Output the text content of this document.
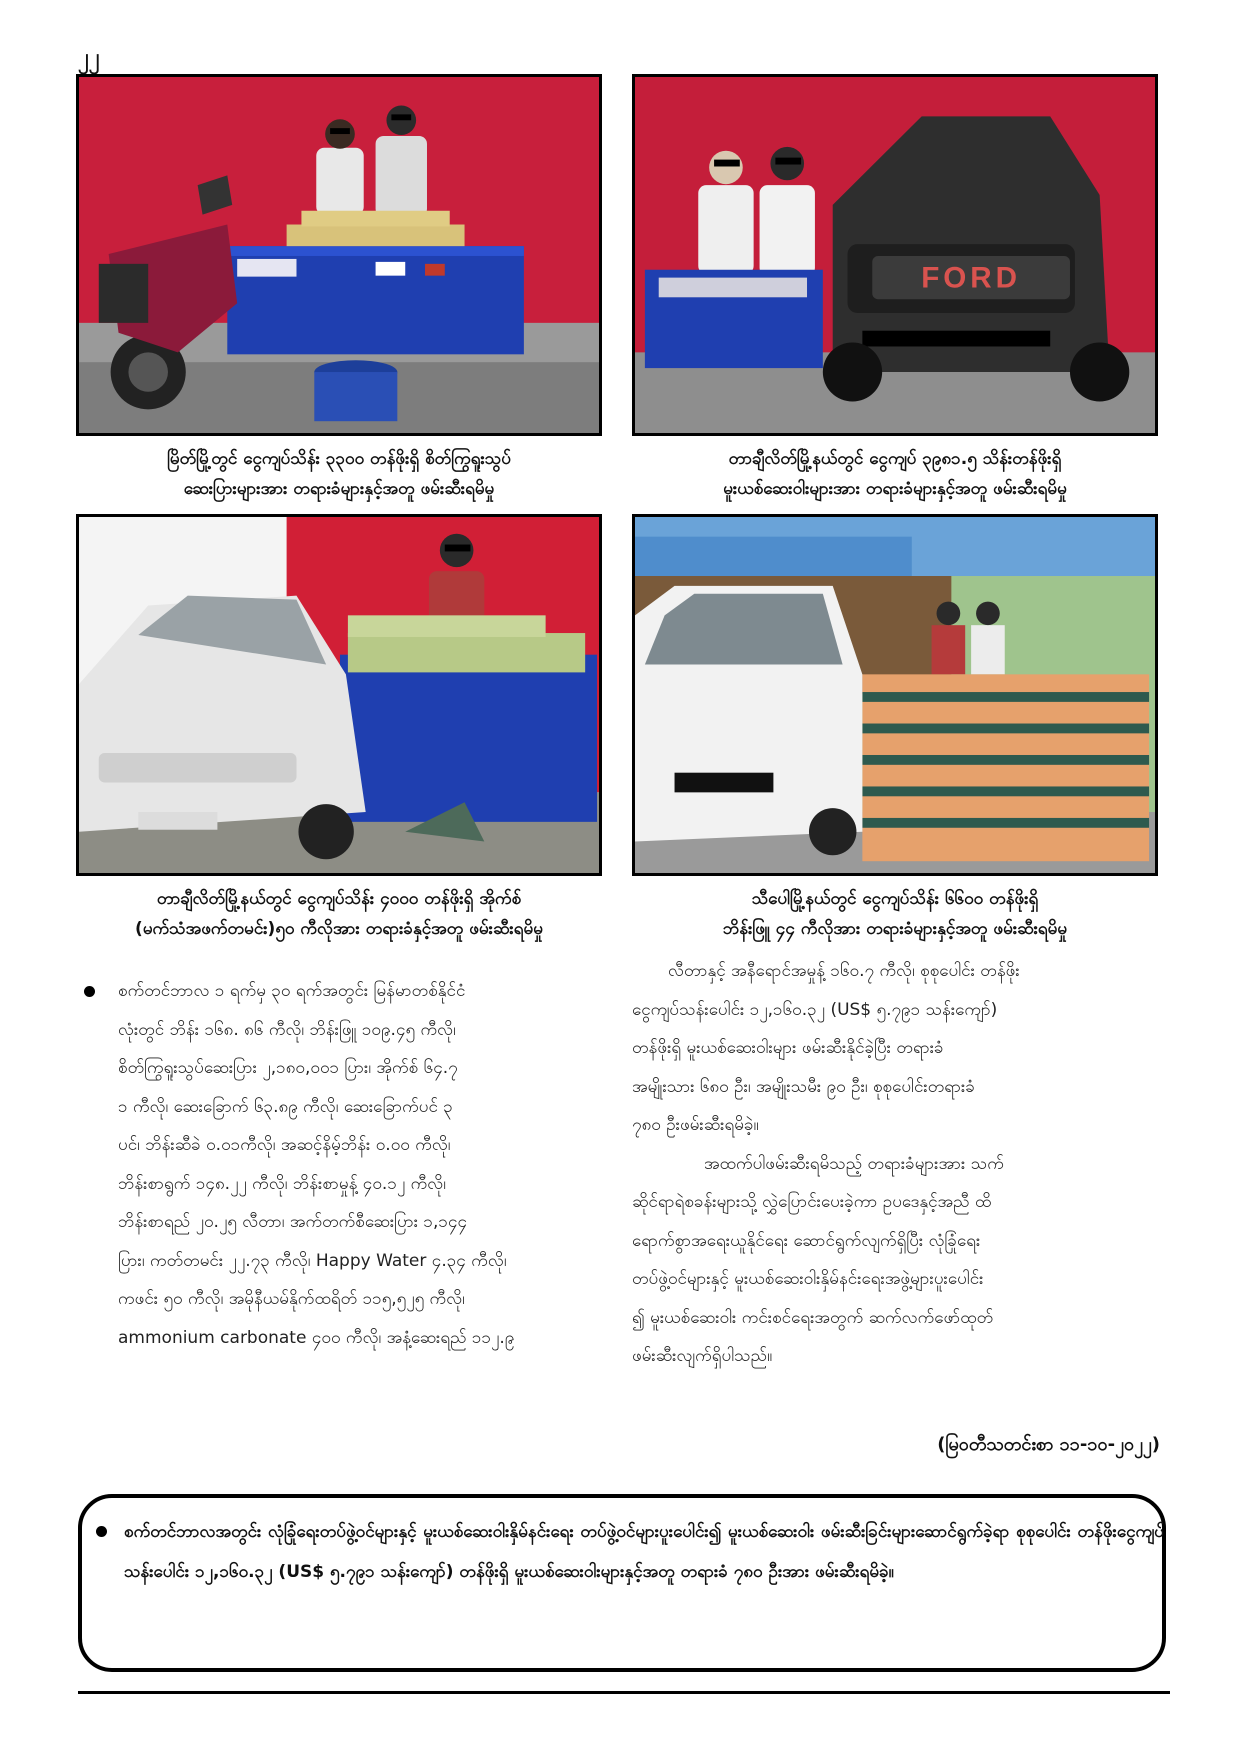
၂၂
FORD
မြိတ်မြို့တွင် ငွေကျပ်သိန်း ၃၃၀၀ တန်ဖိုးရှိ စိတ်ကြွရူးသွပ်
ဆေးပြားများအား တရားခံများနှင့်အတူ ဖမ်းဆီးရမိမှု
တာချီလိတ်မြို့နယ်တွင် ငွေကျပ် ၃၉၈၁.၅ သိန်းတန်ဖိုးရှိ
မူးယစ်ဆေးဝါးများအား တရားခံများနှင့်အတူ ဖမ်းဆီးရမိမှု
တာချီလိတ်မြို့နယ်တွင် ငွေကျပ်သိန်း ၄၀၀၀ တန်ဖိုးရှိ အိုက်စ်
(မက်သံအဖက်တမင်း)၅၀ ကီလိုအား တရားခံနှင့်အတူ ဖမ်းဆီးရမိမှု
သီပေါမြို့နယ်တွင် ငွေကျပ်သိန်း ၆၆၀၀ တန်ဖိုးရှိ
ဘိန်းဖြူ ၄၄ ကီလိုအား တရားခံများနှင့်အတူ ဖမ်းဆီးရမိမှု

စက်တင်ဘာလ ၁ ရက်မှ ၃၀ ရက်အတွင်း မြန်မာတစ်နိုင်ငံ

လုံးတွင် ဘိန်း ၁၆၈. ၈၆ ကီလို၊ ဘိန်းဖြူ ၁၀၉.၄၅ ကီလို၊

စိတ်ကြွရူးသွပ်ဆေးပြား ၂,၁၈၀,၀၀၁ ပြား၊ အိုက်စ် ၆၄.၇

၁ ကီလို၊ ဆေးခြောက် ၆၃.၈၉ ကီလို၊ ဆေးခြောက်ပင် ၃

ပင်၊ ဘိန်းဆီခဲ ၀.၀၁ကီလို၊ အဆင့်နိမ့်ဘိန်း ၀.၀၀ ကီလို၊

ဘိန်းစာရွက် ၁၄၈.၂၂ ကီလို၊ ဘိန်းစာမှုန့် ၄၀.၁၂ ကီလို၊

ဘိန်းစာရည် ၂၀.၂၅ လီတာ၊ အက်တက်စီဆေးပြား ၁,၁၄၄

ပြား၊ ကတ်တမင်း ၂၂.၇၃ ကီလို၊ Happy Water ၄.၃၄ ကီလို၊

ကဖင်း ၅၀ ကီလို၊ အမိုနီယမ်နိုက်ထရိတ် ၁၁၅,၅၂၅ ကီလို၊

ammonium carbonate ၄၀၀ ကီလို၊ အနံ့ဆေးရည် ၁၁၂.၉

လီတာနှင့် အနီရောင်အမှုန့် ၁၆၀.၇ ကီလို၊ စုစုပေါင်း တန်ဖိုး

ငွေကျပ်သန်းပေါင်း ၁၂,၁၆၀.၃၂ (US$ ၅.၇၉၁ သန်းကျော်)

တန်ဖိုးရှိ မူးယစ်ဆေးဝါးများ ဖမ်းဆီးနိုင်ခဲ့ပြီး တရားခံ

အမျိုးသား ၆၈၀ ဦး၊ အမျိုးသမီး ၉၀ ဦး၊ စုစုပေါင်းတရားခံ

၇၈၀ ဦးဖမ်းဆီးရမိခဲ့။

အထက်ပါဖမ်းဆီးရမိသည့် တရားခံများအား သက်

ဆိုင်ရာရဲစခန်းများသို့ လွှဲပြောင်းပေးခဲ့ကာ ဥပဒေနှင့်အညီ ထိ

ရောက်စွာအရေးယူနိုင်ရေး ဆောင်ရွက်လျက်ရှိပြီး လုံခြုံရေး

တပ်ဖွဲ့ဝင်များနှင့် မူးယစ်ဆေးဝါးနှိမ်နင်းရေးအဖွဲ့များပူးပေါင်း

၍ မူးယစ်ဆေးဝါး ကင်းစင်ရေးအတွက် ဆက်လက်ဖော်ထုတ်

ဖမ်းဆီးလျက်ရှိပါသည်။

(မြဝတီသတင်းစာ ၁၁-၁၀-၂၀၂၂)
စက်တင်ဘာလအတွင်း လုံခြုံရေးတပ်ဖွဲ့ဝင်များနှင့် မူးယစ်ဆေးဝါးနှိမ်နင်းရေး တပ်ဖွဲ့ဝင်များပူးပေါင်း၍ မူးယစ်ဆေးဝါး ဖမ်းဆီးခြင်းများဆောင်ရွက်ခဲ့ရာ စုစုပေါင်း တန်ဖိုးငွေကျပ်သန်းပေါင်း ၁၂,၁၆၀.၃၂ (US$ ၅.၇၉၁ သန်းကျော်) တန်ဖိုးရှိ မူးယစ်ဆေးဝါးများနှင့်အတူ တရားခံ ၇၈၀ ဦးအား ဖမ်းဆီးရမိခဲ့။
